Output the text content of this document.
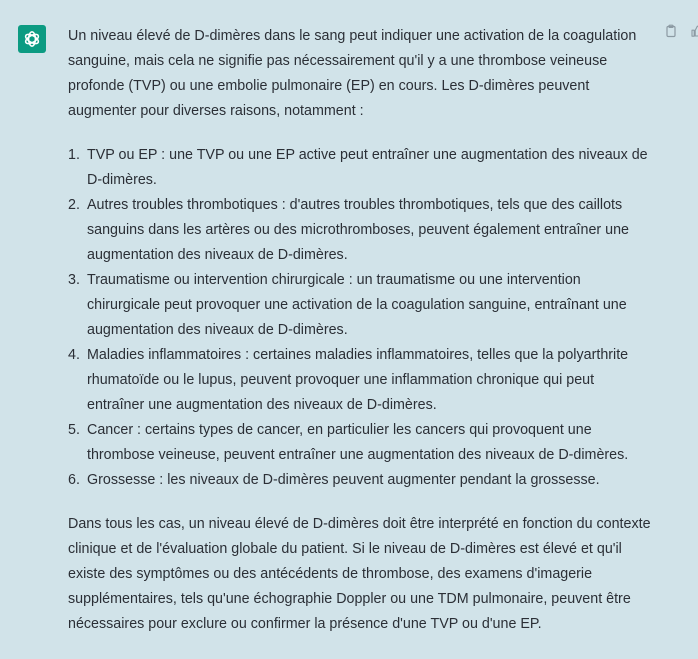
Un niveau élevé de D-dimères dans le sang peut indiquer une activation de la coagulation sanguine, mais cela ne signifie pas nécessairement qu'il y a une thrombose veineuse profonde (TVP) ou une embolie pulmonaire (EP) en cours. Les D-dimères peuvent augmenter pour diverses raisons, notamment :

1. TVP ou EP : une TVP ou une EP active peut entraîner une augmentation des niveaux de D-dimères.
2. Autres troubles thrombotiques : d'autres troubles thrombotiques, tels que des caillots sanguins dans les artères ou des microthromboses, peuvent également entraîner une augmentation des niveaux de D-dimères.
3. Traumatisme ou intervention chirurgicale : un traumatisme ou une intervention chirurgicale peut provoquer une activation de la coagulation sanguine, entraînant une augmentation des niveaux de D-dimères.
4. Maladies inflammatoires : certaines maladies inflammatoires, telles que la polyarthrite rhumatoïde ou le lupus, peuvent provoquer une inflammation chronique qui peut entraîner une augmentation des niveaux de D-dimères.
5. Cancer : certains types de cancer, en particulier les cancers qui provoquent une thrombose veineuse, peuvent entraîner une augmentation des niveaux de D-dimères.
6. Grossesse : les niveaux de D-dimères peuvent augmenter pendant la grossesse.

Dans tous les cas, un niveau élevé de D-dimères doit être interprété en fonction du contexte clinique et de l'évaluation globale du patient. Si le niveau de D-dimères est élevé et qu'il existe des symptômes ou des antécédents de thrombose, des examens d'imagerie supplémentaires, tels qu'une échographie Doppler ou une TDM pulmonaire, peuvent être nécessaires pour exclure ou confirmer la présence d'une TVP ou d'une EP.
